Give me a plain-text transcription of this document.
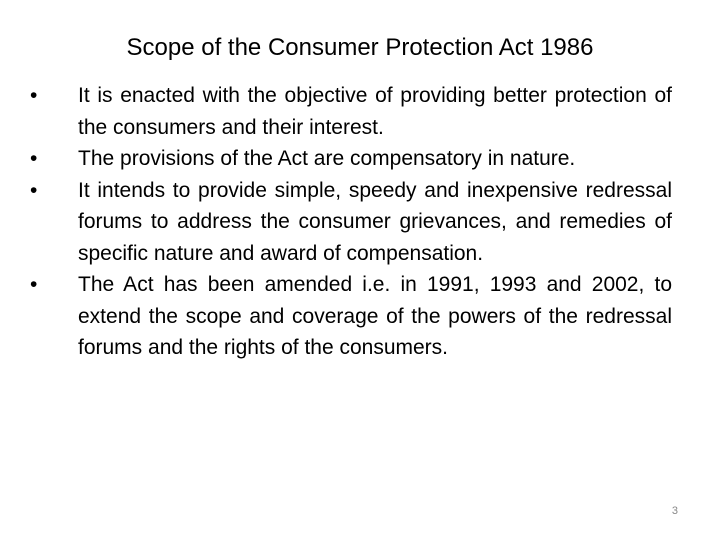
Scope of the Consumer Protection Act 1986
•	It is enacted with the objective of providing better protection of the consumers and their interest.
•	The provisions of the Act are compensatory in nature.
•	It intends to provide simple, speedy and inexpensive redressal forums to address the consumer grievances, and remedies of specific nature and award of compensation.
•	The Act has been amended i.e. in 1991, 1993 and 2002, to extend the scope and coverage of the powers of the redressal forums and the rights of the consumers.
3
